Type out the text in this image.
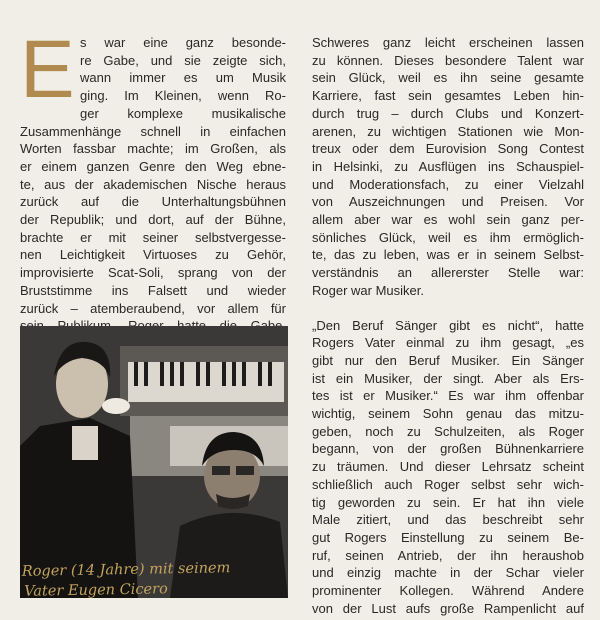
E s war eine ganz besonde-
re Gabe, und sie zeigte sich,
wann immer es um Musik
ging. Im Kleinen, wenn Ro-
ger komplexe musikalische
Zusammenhänge schnell in einfachen
Worten fassbar machte; im Großen, als
er einem ganzen Genre den Weg ebne-
te, aus der akademischen Nische heraus
zurück auf die Unterhaltungsbühnen
der Republik; und dort, auf der Bühne,
brachte er mit seiner selbstvergesse-
nen Leichtigkeit Virtuoses zu Gehör,
improvisierte Scat-Soli, sprang von der
Bruststimme ins Falsett und wieder
zurück – atemberaubend, vor allem für
Roger (14 Jahre) mit seinem
Vater Eugen Cicero
Schweres ganz leicht erscheinen lassen
zu können. Dieses besondere Talent war
sein Glück, weil es ihn seine gesamte
Karriere, fast sein gesamtes Leben hin-
durch trug – durch Clubs und Konzert-
arenen, zu wichtigen Stationen wie Mon-
treux oder dem Eurovision Song Contest
in Helsinki, zu Ausflügen ins Schauspiel-
und Moderationsfach, zu einer Vielzahl
von Auszeichnungen und Preisen. Vor
allem aber war es wohl sein ganz per-
sönliches Glück, weil es ihm ermöglich-
te, das zu leben, was er in seinem Selbst-
verständnis an allererster Stelle war:
Roger war Musiker.
„Den Beruf Sänger gibt es nicht“, hatte
Rogers Vater einmal zu ihm gesagt, „es
gibt nur den Beruf Musiker. Ein Sänger
ist ein Musiker, der singt. Aber als Ers-
tes ist er Musiker.“ Es war ihm offenbar
wichtig, seinem Sohn genau das mitzu-
geben, noch zu Schulzeiten, als Roger
begann, von der großen Bühnenkarriere
zu träumen. Und dieser Lehrsatz scheint
schließlich auch Roger selbst sehr wich-
tig geworden zu sein. Er hat ihn viele
Male zitiert, und das beschreibt sehr
gut Rogers Einstellung zu seinem Be-
ruf, seinen Antrieb, der ihn heraushob
und einzig machte in der Schar vieler
prominenter Kollegen. Während Andere
von der Lust aufs große Rampenlicht auf
